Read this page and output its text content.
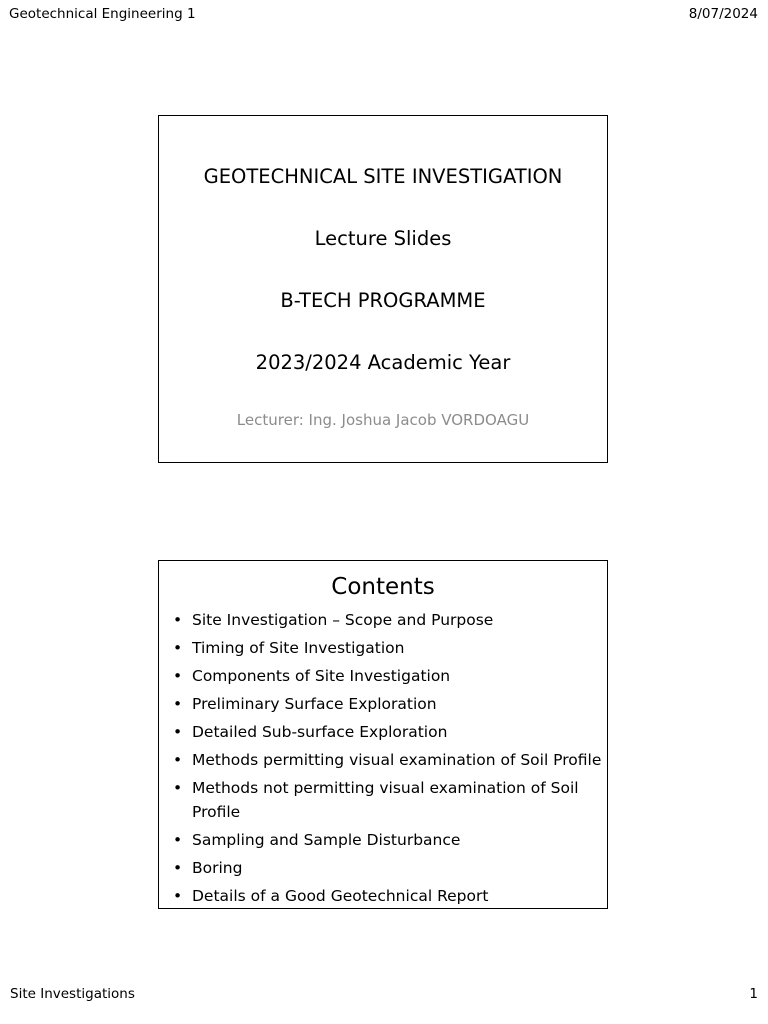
Geotechnical Engineering 1	8/07/2024
GEOTECHNICAL SITE INVESTIGATION
Lecture Slides
B-TECH PROGRAMME
2023/2024 Academic Year
Lecturer: Ing. Joshua Jacob VORDOAGU
Contents
• Site Investigation – Scope and Purpose
• Timing of Site Investigation
• Components of Site Investigation
• Preliminary Surface Exploration
• Detailed Sub-surface Exploration
• Methods permitting visual examination of Soil Profile
• Methods not permitting visual examination of Soil Profile
• Sampling and Sample Disturbance
• Boring
• Details of a Good Geotechnical Report
Site Investigations	1
